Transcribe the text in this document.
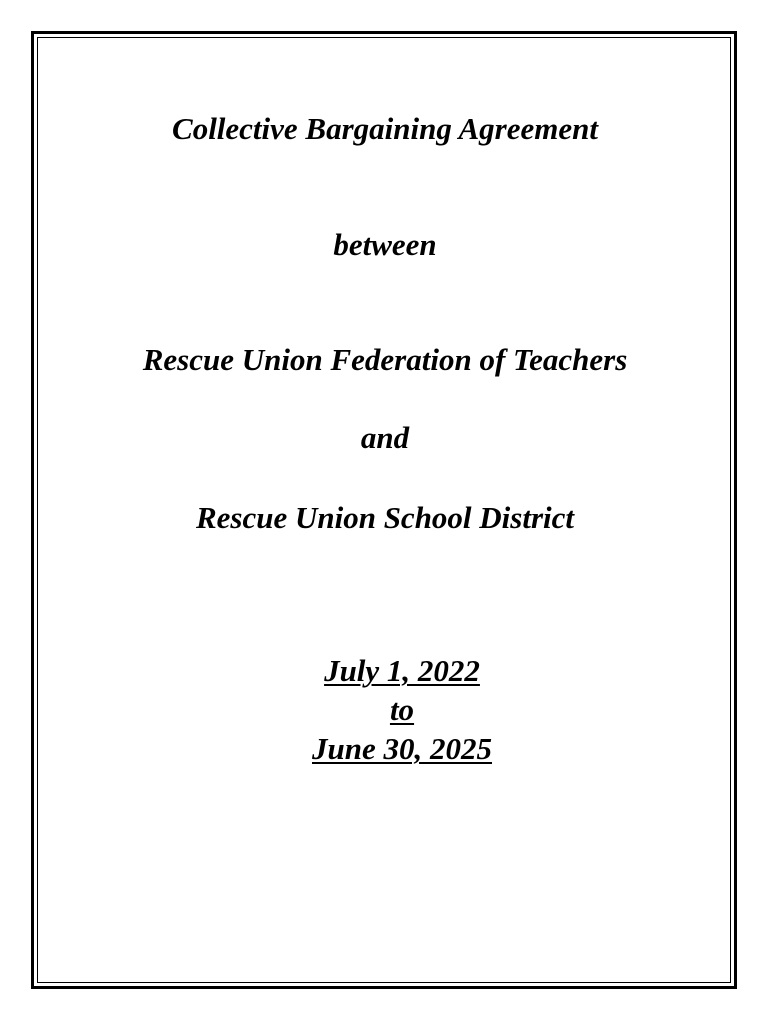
Collective Bargaining Agreement
between
Rescue Union Federation of Teachers
and
Rescue Union School District
July 1, 2022
to
June 30, 2025
